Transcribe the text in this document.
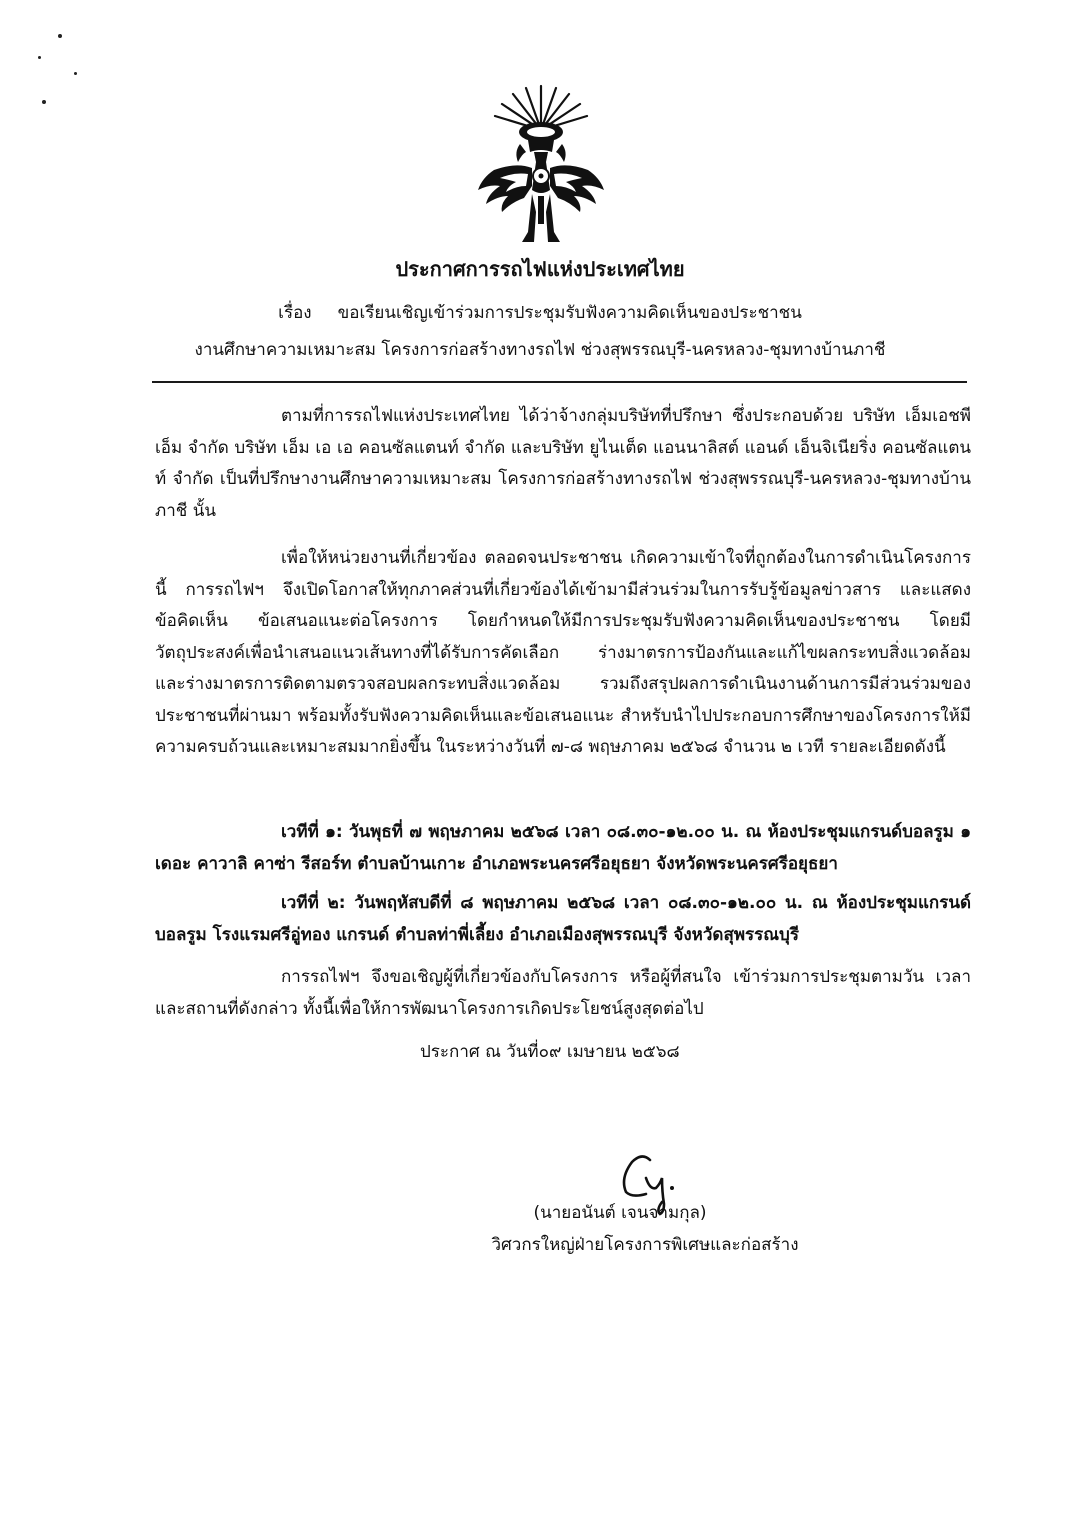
ประกาศการรถไฟแห่งประเทศไทย
เรื่อง ขอเรียนเชิญเข้าร่วมการประชุมรับฟังความคิดเห็นของประชาชน
งานศึกษาความเหมาะสม โครงการก่อสร้างทางรถไฟ ช่วงสุพรรณบุรี-นครหลวง-ชุมทางบ้านภาชี

ตามที่การรถไฟแห่งประเทศไทย ได้ว่าจ้างกลุ่มบริษัทที่ปรึกษา ซึ่งประกอบด้วย บริษัท เอ็มเอชพีเอ็ม จำกัด บริษัท เอ็ม เอ เอ คอนซัลแตนท์ จำกัด และบริษัท ยูไนเต็ด แอนนาลิสต์ แอนด์ เอ็นจิเนียริ่ง คอนซัลแตนท์ จำกัด เป็นที่ปรึกษางานศึกษาความเหมาะสม โครงการก่อสร้างทางรถไฟ ช่วงสุพรรณบุรี-นครหลวง-ชุมทางบ้านภาชี นั้น

เพื่อให้หน่วยงานที่เกี่ยวข้อง ตลอดจนประชาชน เกิดความเข้าใจที่ถูกต้องในการดำเนินโครงการนี้ การรถไฟฯ จึงเปิดโอกาสให้ทุกภาคส่วนที่เกี่ยวข้องได้เข้ามามีส่วนร่วมในการรับรู้ข้อมูลข่าวสาร และแสดงข้อคิดเห็น ข้อเสนอแนะต่อโครงการ โดยกำหนดให้มีการประชุมรับฟังความคิดเห็นของประชาชน โดยมีวัตถุประสงค์เพื่อนำเสนอแนวเส้นทางที่ได้รับการคัดเลือก ร่างมาตรการป้องกันและแก้ไขผลกระทบสิ่งแวดล้อม และร่างมาตรการติดตามตรวจสอบผลกระทบสิ่งแวดล้อม รวมถึงสรุปผลการดำเนินงานด้านการมีส่วนร่วมของประชาชนที่ผ่านมา พร้อมทั้งรับฟังความคิดเห็นและข้อเสนอแนะ สำหรับนำไปประกอบการศึกษาของโครงการให้มีความครบถ้วนและเหมาะสมมากยิ่งขึ้น ในระหว่างวันที่ ๗-๘ พฤษภาคม ๒๕๖๘ จำนวน ๒ เวที รายละเอียดดังนี้

เวทีที่ ๑: วันพุธที่ ๗ พฤษภาคม ๒๕๖๘ เวลา ๐๘.๓๐-๑๒.๐๐ น. ณ ห้องประชุมแกรนด์บอลรูม ๑ เดอะ คาวาลิ คาซ่า รีสอร์ท ตำบลบ้านเกาะ อำเภอพระนครศรีอยุธยา จังหวัดพระนครศรีอยุธยา

เวทีที่ ๒: วันพฤหัสบดีที่ ๘ พฤษภาคม ๒๕๖๘ เวลา ๐๘.๓๐-๑๒.๐๐ น. ณ ห้องประชุมแกรนด์บอลรูม โรงแรมศรีอู่ทอง แกรนด์ ตำบลท่าพี่เลี้ยง อำเภอเมืองสุพรรณบุรี จังหวัดสุพรรณบุรี

การรถไฟฯ จึงขอเชิญผู้ที่เกี่ยวข้องกับโครงการ หรือผู้ที่สนใจ เข้าร่วมการประชุมตามวัน เวลา และสถานที่ดังกล่าว ทั้งนี้เพื่อให้การพัฒนาโครงการเกิดประโยชน์สูงสุดต่อไป

ประกาศ ณ วันที่๐๙ เมษายน ๒๕๖๘
(นายอนันต์ เจนจามกุล)
วิศวกรใหญ่ฝ่ายโครงการพิเศษและก่อสร้าง
